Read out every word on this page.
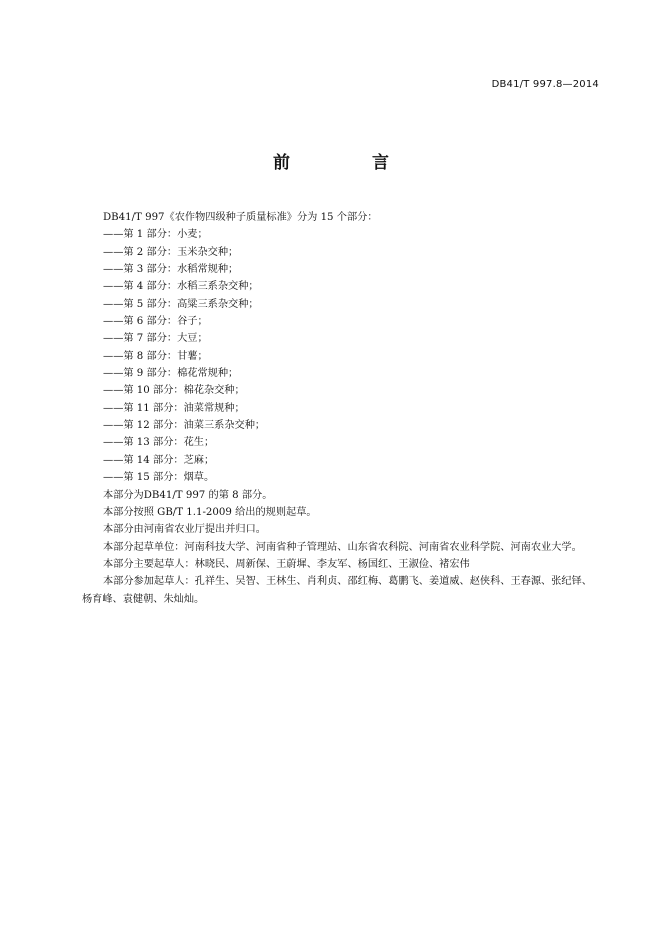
DB41/T 997.8—2014
前 言

DB41/T 997《农作物四级种子质量标准》分为 15 个部分：

——第 1 部分：小麦；
——第 2 部分：玉米杂交种；
——第 3 部分：水稻常规种；
——第 4 部分：水稻三系杂交种；
——第 5 部分：高粱三系杂交种；
——第 6 部分：谷子；
——第 7 部分：大豆；
——第 8 部分：甘薯；
——第 9 部分：棉花常规种；
——第 10 部分：棉花杂交种；
——第 11 部分：油菜常规种；
——第 12 部分：油菜三系杂交种；
——第 13 部分：花生；
——第 14 部分：芝麻；
——第 15 部分：烟草。

本部分为DB41/T 997 的第 8 部分。

本部分按照 GB/T 1.1-2009 给出的规则起草。

本部分由河南省农业厅提出并归口。

本部分起草单位：河南科技大学、河南省种子管理站、山东省农科院、河南省农业科学院、河南农业大学。

本部分主要起草人：林晓民、周新保、王蔚墀、李友军、杨国红、王淑俭、褚宏伟

本部分参加起草人：孔祥生、吴智、王林生、肖利贞、邵红梅、葛鹏飞、姜道威、赵侠科、王春源、张纪铎、杨育峰、袁健朝、朱灿灿。
